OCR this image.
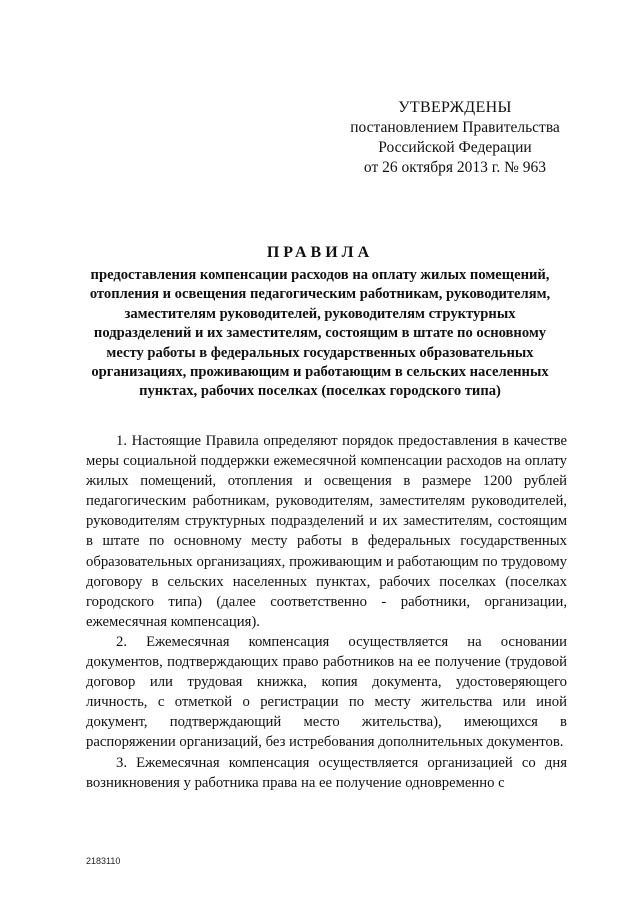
УТВЕРЖДЕНЫ
постановлением Правительства
Российской Федерации
от 26 октября 2013 г. № 963
ПРАВИЛА
предоставления компенсации расходов на оплату жилых помещений, отопления и освещения педагогическим работникам, руководителям, заместителям руководителей, руководителям структурных подразделений и их заместителям, состоящим в штате по основному месту работы в федеральных государственных образовательных организациях, проживающим и работающим в сельских населенных пунктах, рабочих поселках (поселках городского типа)

1. Настоящие Правила определяют порядок предоставления в качестве меры социальной поддержки ежемесячной компенсации расходов на оплату жилых помещений, отопления и освещения в размере 1200 рублей педагогическим работникам, руководителям, заместителям руководителей, руководителям структурных подразделений и их заместителям, состоящим в штате по основному месту работы в федеральных государственных образовательных организациях, проживающим и работающим по трудовому договору в сельских населенных пунктах, рабочих поселках (поселках городского типа) (далее соответственно - работники, организации, ежемесячная компенсация).

2. Ежемесячная компенсация осуществляется на основании документов, подтверждающих право работников на ее получение (трудовой договор или трудовая книжка, копия документа, удостоверяющего личность, с отметкой о регистрации по месту жительства или иной документ, подтверждающий место жительства), имеющихся в распоряжении организаций, без истребования дополнительных документов.

3. Ежемесячная компенсация осуществляется организацией со дня возникновения у работника права на ее получение одновременно с

2183110
